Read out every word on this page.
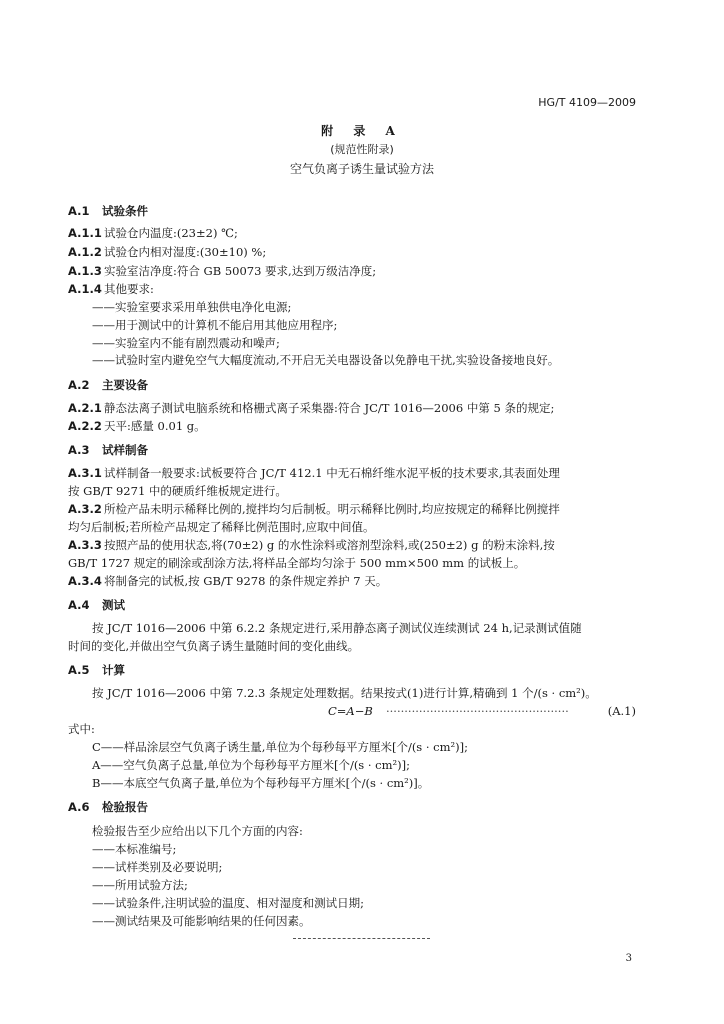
HG/T 4109—2009
附 录 A
(规范性附录)
空气负离子诱生量试验方法
A.1 试验条件
A.1.1 试验仓内温度:(23±2) ℃;
A.1.2 试验仓内相对湿度:(30±10) %;
A.1.3 实验室洁净度:符合 GB 50073 要求,达到万级洁净度;
A.1.4 其他要求:
——实验室要求采用单独供电净化电源;
——用于测试中的计算机不能启用其他应用程序;
——实验室内不能有剧烈震动和噪声;
——试验时室内避免空气大幅度流动,不开启无关电器设备以免静电干扰,实验设备接地良好。
A.2 主要设备
A.2.1 静态法离子测试电脑系统和格栅式离子采集器:符合 JC/T 1016—2006 中第 5 条的规定;
A.2.2 天平:感量 0.01 g。
A.3 试样制备
A.3.1 试样制备一般要求:试板要符合 JC/T 412.1 中无石棉纤维水泥平板的技术要求,其表面处理
按 GB/T 9271 中的硬质纤维板规定进行。
A.3.2 所检产品未明示稀释比例的,搅拌均匀后制板。明示稀释比例时,均应按规定的稀释比例搅拌
均匀后制板;若所检产品规定了稀释比例范围时,应取中间值。
A.3.3 按照产品的使用状态,将(70±2) g 的水性涂料或溶剂型涂料,或(250±2) g 的粉末涂料,按
GB/T 1727 规定的刷涂或刮涂方法,将样品全部均匀涂于 500 mm×500 mm 的试板上。
A.3.4 将制备完的试板,按 GB/T 9278 的条件规定养护 7 天。
A.4 测试
按 JC/T 1016—2006 中第 6.2.2 条规定进行,采用静态离子测试仪连续测试 24 h,记录测试值随
时间的变化,并做出空气负离子诱生量随时间的变化曲线。
A.5 计算
按 JC/T 1016—2006 中第 7.2.3 条规定处理数据。结果按式(1)进行计算,精确到 1 个/(s · cm²)。
C=A−B ··················································	(A.1)
式中:
C——样品涂层空气负离子诱生量,单位为个每秒每平方厘米[个/(s · cm²)];
A——空气负离子总量,单位为个每秒每平方厘米[个/(s · cm²)];
B——本底空气负离子量,单位为个每秒每平方厘米[个/(s · cm²)]。
A.6 检验报告
检验报告至少应给出以下几个方面的内容:
——本标准编号;
——试样类别及必要说明;
——所用试验方法;
——试验条件,注明试验的温度、相对湿度和测试日期;
——测试结果及可能影响结果的任何因素。
3
